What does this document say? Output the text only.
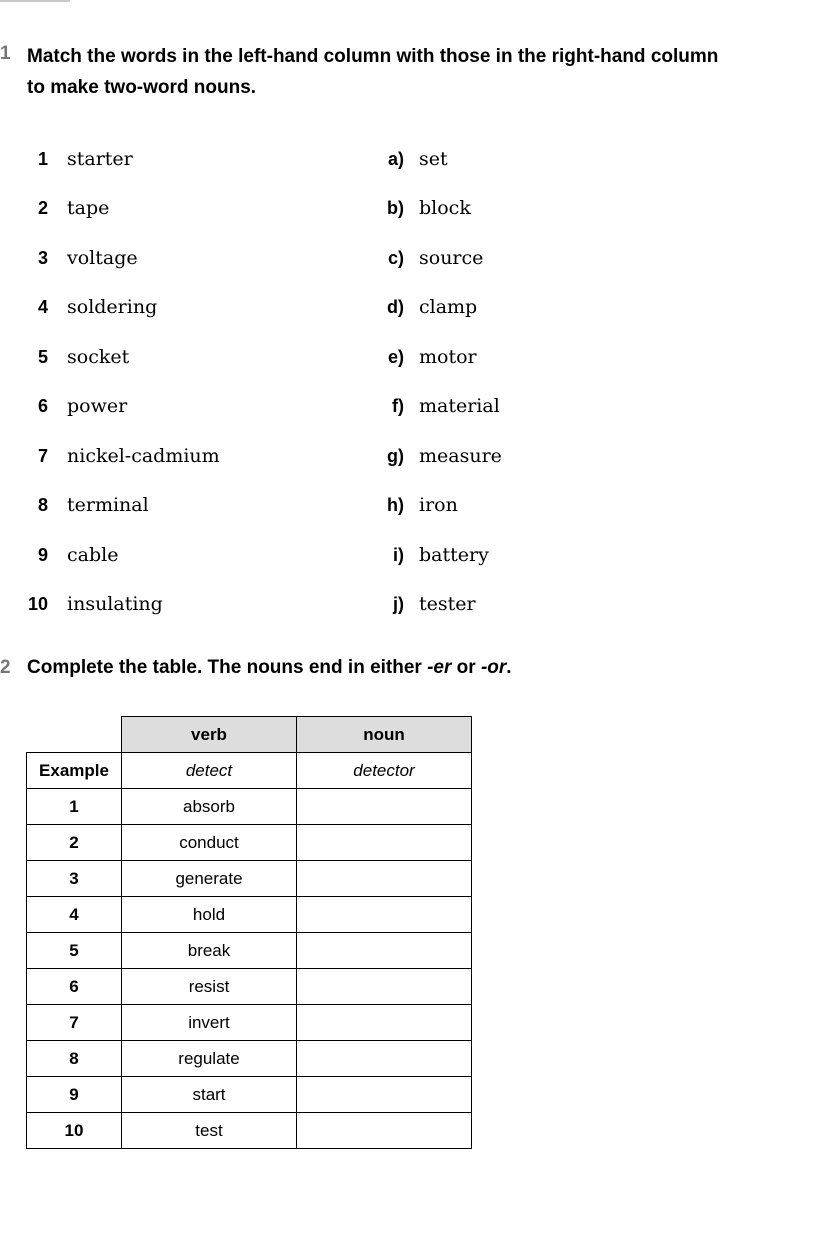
1 Match the words in the left-hand column with those in the right-hand column
to make two-word nouns.
1 starter	a) set
2 tape	b) block
3 voltage	c) source
4 soldering	d) clamp
5 socket	e) motor
6 power	f) material
7 nickel-cadmium	g) measure
8 terminal	h) iron
9 cable	i) battery
10 insulating	j) tester
2 Complete the table. The nouns end in either -er or -or.
	verb	noun
Example	detect	detector
1	absorb	
2	conduct	
3	generate	
4	hold	
5	break	
6	resist	
7	invert	
8	regulate	
9	start	
10	test	
